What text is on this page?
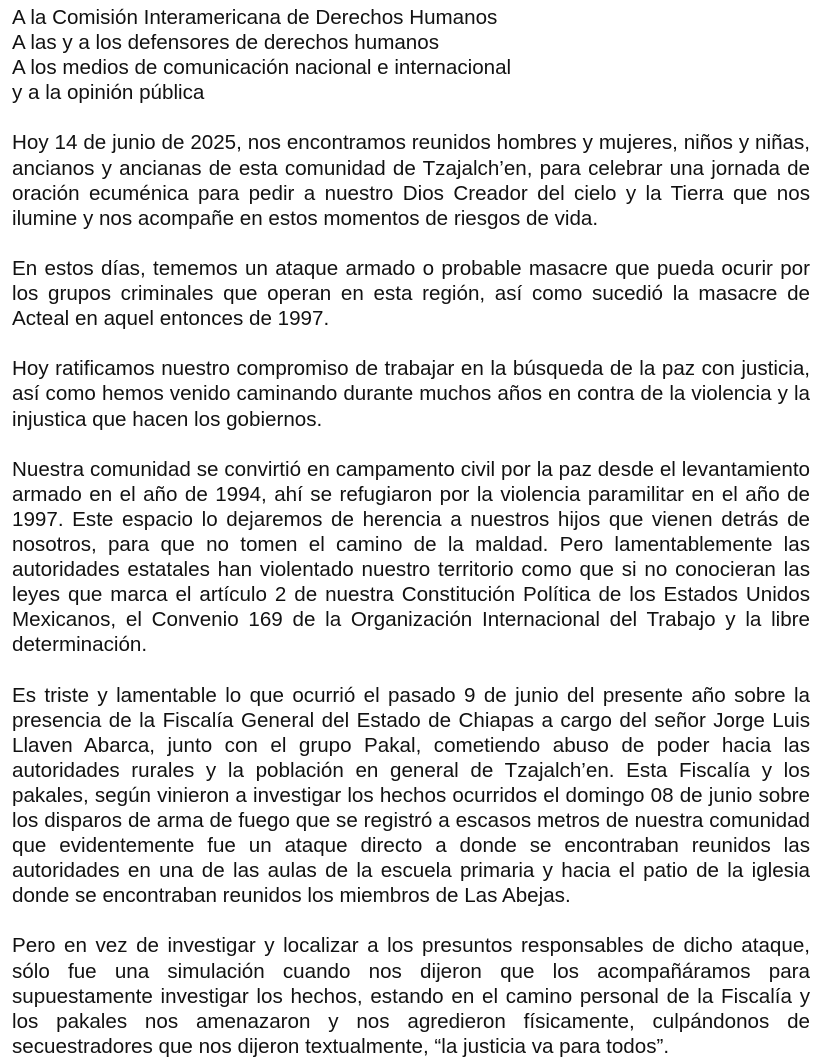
A la Comisión Interamericana de Derechos Humanos
A las y a los defensores de derechos humanos
A los medios de comunicación nacional e internacional
y a la opinión pública

Hoy 14 de junio de 2025, nos encontramos reunidos hombres y mujeres, niños y niñas, ancianos y ancianas de esta comunidad de Tzajalch’en, para celebrar una jornada de oración ecuménica para pedir a nuestro Dios Creador del cielo y la Tierra que nos ilumine y nos acompañe en estos momentos de riesgos de vida.

En estos días, tememos un ataque armado o probable masacre que pueda ocurir por los grupos criminales que operan en esta región, así como sucedió la masacre de Acteal en aquel entonces de 1997.

Hoy ratificamos nuestro compromiso de trabajar en la búsqueda de la paz con justicia, así como hemos venido caminando durante muchos años en contra de la violencia y la injustica que hacen los gobiernos.

Nuestra comunidad se convirtió en campamento civil por la paz desde el levantamiento armado en el año de 1994, ahí se refugiaron por la violencia paramilitar en el año de 1997. Este espacio lo dejaremos de herencia a nuestros hijos que vienen detrás de nosotros, para que no tomen el camino de la maldad. Pero lamentablemente las autoridades estatales han violentado nuestro territorio como que si no conocieran las leyes que marca el artículo 2 de nuestra Constitución Política de los Estados Unidos Mexicanos, el Convenio 169 de la Organización Internacional del Trabajo y la libre determinación.

Es triste y lamentable lo que ocurrió el pasado 9 de junio del presente año sobre la presencia de la Fiscalía General del Estado de Chiapas a cargo del señor Jorge Luis Llaven Abarca, junto con el grupo Pakal, cometiendo abuso de poder hacia las autoridades rurales y la población en general de Tzajalch’en. Esta Fiscalía y los pakales, según vinieron a investigar los hechos ocurridos el domingo 08 de junio sobre los disparos de arma de fuego que se registró a escasos metros de nuestra comunidad que evidentemente fue un ataque directo a donde se encontraban reunidos las autoridades en una de las aulas de la escuela primaria y hacia el patio de la iglesia donde se encontraban reunidos los miembros de Las Abejas.

Pero en vez de investigar y localizar a los presuntos responsables de dicho ataque, sólo fue una simulación cuando nos dijeron que los acompañáramos para supuestamente investigar los hechos, estando en el camino personal de la Fiscalía y los pakales nos amenazaron y nos agredieron físicamente, culpándonos de secuestradores que nos dijeron textualmente, “la justicia va para todos”.
